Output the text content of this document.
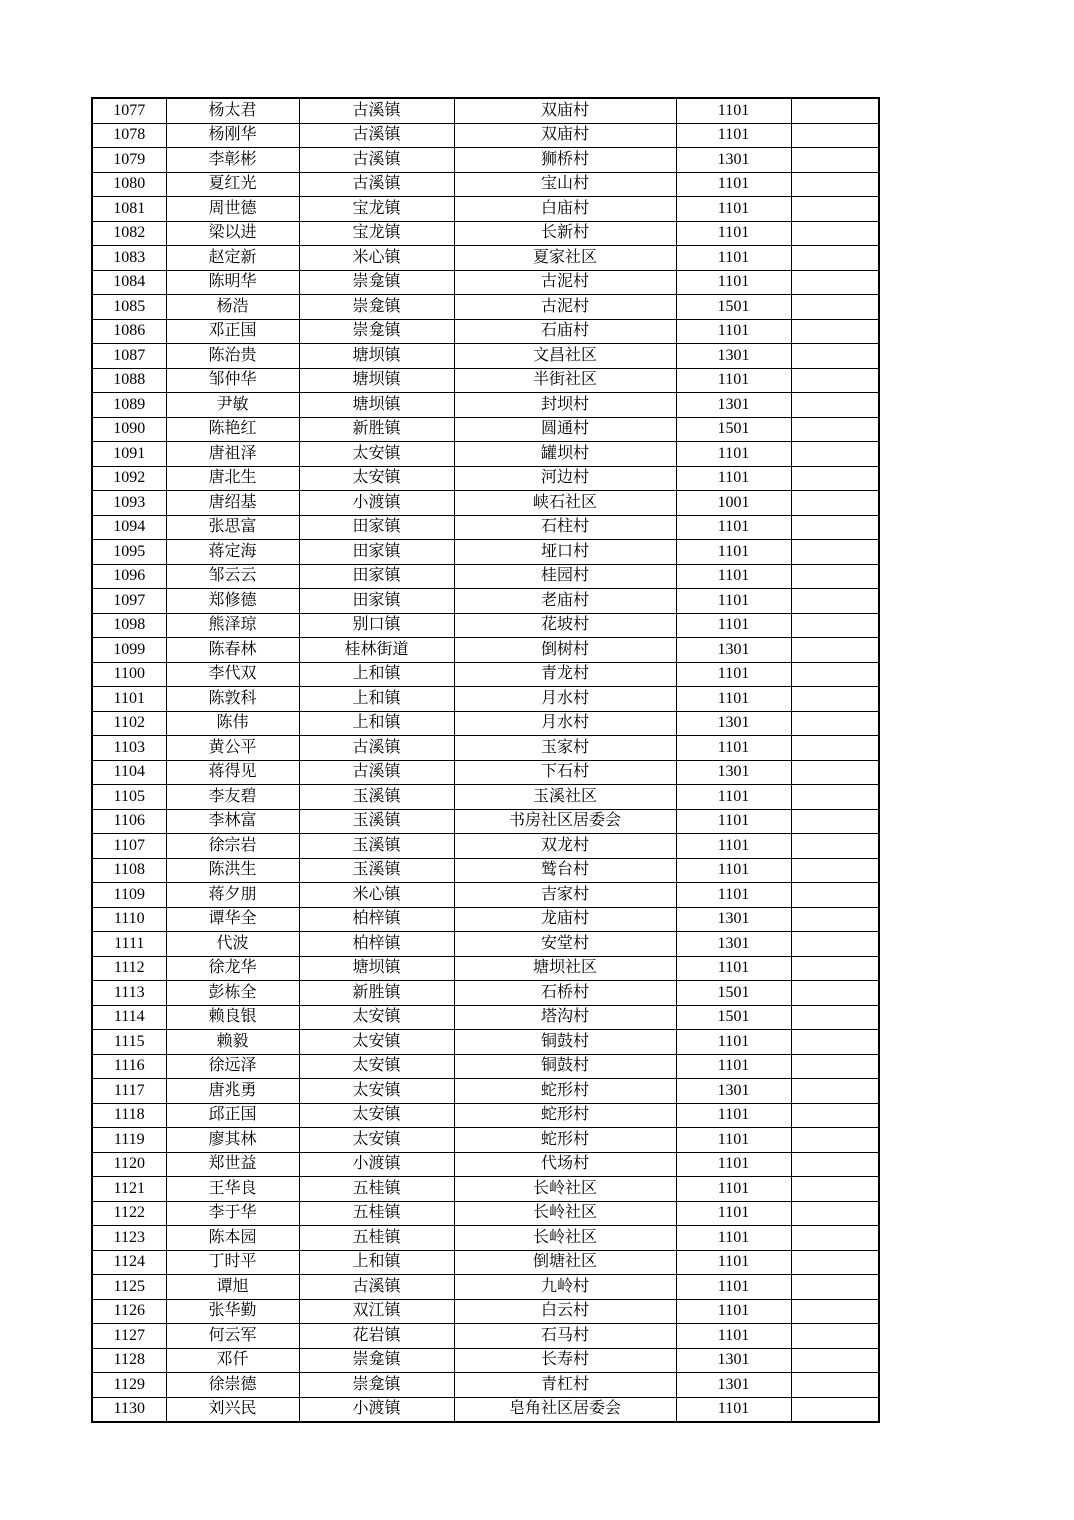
1077	杨太君	古溪镇	双庙村	1101	
1078	杨刚华	古溪镇	双庙村	1101	
1079	李彰彬	古溪镇	狮桥村	1301	
1080	夏红光	古溪镇	宝山村	1101	
1081	周世德	宝龙镇	白庙村	1101	
1082	梁以进	宝龙镇	长新村	1101	
1083	赵定新	米心镇	夏家社区	1101	
1084	陈明华	崇龛镇	古泥村	1101	
1085	杨浩	崇龛镇	古泥村	1501	
1086	邓正国	崇龛镇	石庙村	1101	
1087	陈治贵	塘坝镇	文昌社区	1301	
1088	邹仲华	塘坝镇	半街社区	1101	
1089	尹敏	塘坝镇	封坝村	1301	
1090	陈艳红	新胜镇	圆通村	1501	
1091	唐祖泽	太安镇	罐坝村	1101	
1092	唐北生	太安镇	河边村	1101	
1093	唐绍基	小渡镇	峡石社区	1001	
1094	张思富	田家镇	石柱村	1101	
1095	蒋定海	田家镇	垭口村	1101	
1096	邹云云	田家镇	桂园村	1101	
1097	郑修德	田家镇	老庙村	1101	
1098	熊泽琼	别口镇	花坡村	1101	
1099	陈春林	桂林街道	倒树村	1301	
1100	李代双	上和镇	青龙村	1101	
1101	陈敦科	上和镇	月水村	1101	
1102	陈伟	上和镇	月水村	1301	
1103	黄公平	古溪镇	玉家村	1101	
1104	蒋得见	古溪镇	下石村	1301	
1105	李友碧	玉溪镇	玉溪社区	1101	
1106	李林富	玉溪镇	书房社区居委会	1101	
1107	徐宗岩	玉溪镇	双龙村	1101	
1108	陈洪生	玉溪镇	鹫台村	1101	
1109	蒋夕朋	米心镇	吉家村	1101	
1110	谭华全	柏梓镇	龙庙村	1301	
1111	代波	柏梓镇	安堂村	1301	
1112	徐龙华	塘坝镇	塘坝社区	1101	
1113	彭栋全	新胜镇	石桥村	1501	
1114	赖良银	太安镇	塔沟村	1501	
1115	赖毅	太安镇	铜鼓村	1101	
1116	徐远泽	太安镇	铜鼓村	1101	
1117	唐兆勇	太安镇	蛇形村	1301	
1118	邱正国	太安镇	蛇形村	1101	
1119	廖其林	太安镇	蛇形村	1101	
1120	郑世益	小渡镇	代场村	1101	
1121	王华良	五桂镇	长岭社区	1101	
1122	李于华	五桂镇	长岭社区	1101	
1123	陈本园	五桂镇	长岭社区	1101	
1124	丁时平	上和镇	倒塘社区	1101	
1125	谭旭	古溪镇	九岭村	1101	
1126	张华勤	双江镇	白云村	1101	
1127	何云军	花岩镇	石马村	1101	
1128	邓仟	崇龛镇	长寿村	1301	
1129	徐崇德	崇龛镇	青杠村	1301	
1130	刘兴民	小渡镇	皂角社区居委会	1101	
